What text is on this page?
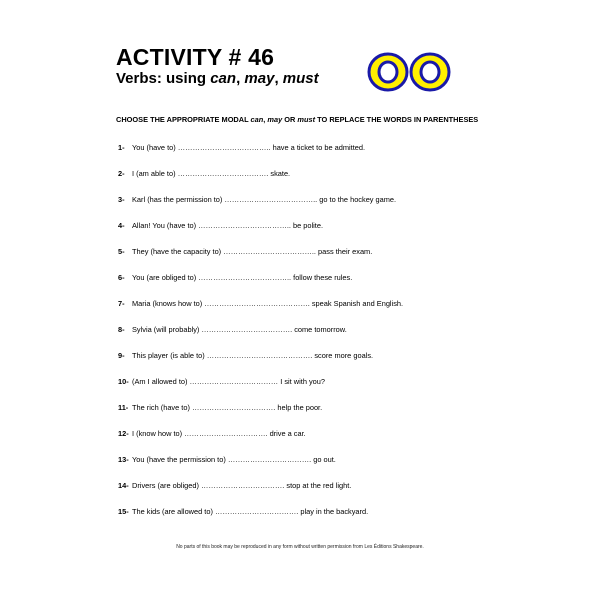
ACTIVITY # 46
Verbs: using can, may, must
CHOOSE THE APPROPRIATE MODAL can, may OR must TO REPLACE THE WORDS IN PARENTHESES
1-	You (have to) ……………………………….. have a ticket to be admitted.
2-	I (am able to) ………………………………. skate.
3-	Karl (has the permission to) ……………………………….. go to the hockey game.
4-	Allan! You (have to) ……………………………….. be polite.
5-	They (have the capacity to) ……………………………….. pass their exam.
6-	You (are obliged to) ……………………………….. follow these rules.
7-	Maria (knows how to) ……………………………………. speak Spanish and English.
8-	Sylvia (will probably) ………………………………. come tomorrow.
9-	This player (is able to) ……………………………………. score more goals.
10- (Am I allowed to) ……………………………… I sit with you?
11- The rich (have to) ……………………………. help the poor.
12- I (know how to) ……………………………. drive a car.
13- You (have the permission to) ……………………………. go out.
14- Drivers (are obliged) ……………………………. stop at the red light.
15- The kids (are allowed to) ……………………………. play in the backyard.
No parts of this book may be reproduced in any form without written permission from Les Éditions Shakespeare.
